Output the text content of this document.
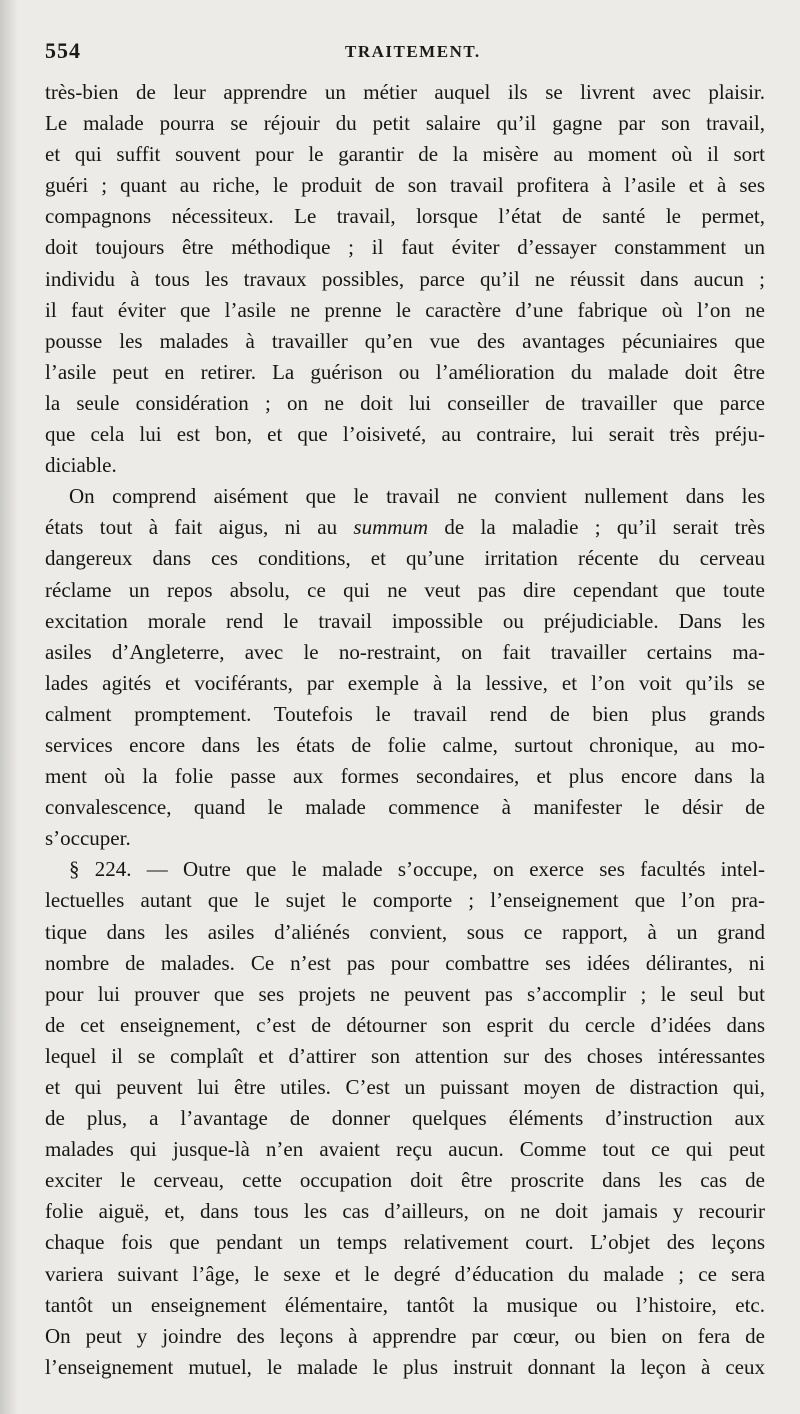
554	TRAITEMENT.

très-bien de leur apprendre un métier auquel ils se livrent avec plaisir.
Le malade pourra se réjouir du petit salaire qu’il gagne par son travail,
et qui suffit souvent pour le garantir de la misère au moment où il sort
guéri ; quant au riche, le produit de son travail profitera à l’asile et à ses
compagnons nécessiteux. Le travail, lorsque l’état de santé le permet,
doit toujours être méthodique ; il faut éviter d’essayer constamment un
individu à tous les travaux possibles, parce qu’il ne réussit dans aucun ;
il faut éviter que l’asile ne prenne le caractère d’une fabrique où l’on ne
pousse les malades à travailler qu’en vue des avantages pécuniaires que
l’asile peut en retirer. La guérison ou l’amélioration du malade doit être
la seule considération ; on ne doit lui conseiller de travailler que parce
que cela lui est bon, et que l’oisiveté, au contraire, lui serait très préju-
diciable.

On comprend aisément que le travail ne convient nullement dans les
états tout à fait aigus, ni au summum de la maladie ; qu’il serait très
dangereux dans ces conditions, et qu’une irritation récente du cerveau
réclame un repos absolu, ce qui ne veut pas dire cependant que toute
excitation morale rend le travail impossible ou préjudiciable. Dans les
asiles d’Angleterre, avec le no-restraint, on fait travailler certains ma-
lades agités et vociférants, par exemple à la lessive, et l’on voit qu’ils se
calment promptement. Toutefois le travail rend de bien plus grands
services encore dans les états de folie calme, surtout chronique, au mo-
ment où la folie passe aux formes secondaires, et plus encore dans la
convalescence, quand le malade commence à manifester le désir de
s’occuper.

§ 224. — Outre que le malade s’occupe, on exerce ses facultés intel-
lectuelles autant que le sujet le comporte ; l’enseignement que l’on pra-
tique dans les asiles d’aliénés convient, sous ce rapport, à un grand
nombre de malades. Ce n’est pas pour combattre ses idées délirantes, ni
pour lui prouver que ses projets ne peuvent pas s’accomplir ; le seul but
de cet enseignement, c’est de détourner son esprit du cercle d’idées dans
lequel il se complaît et d’attirer son attention sur des choses intéressantes
et qui peuvent lui être utiles. C’est un puissant moyen de distraction qui,
de plus, a l’avantage de donner quelques éléments d’instruction aux
malades qui jusque-là n’en avaient reçu aucun. Comme tout ce qui peut
exciter le cerveau, cette occupation doit être proscrite dans les cas de
folie aiguë, et, dans tous les cas d’ailleurs, on ne doit jamais y recourir
chaque fois que pendant un temps relativement court. L’objet des leçons
variera suivant l’âge, le sexe et le degré d’éducation du malade ; ce sera
tantôt un enseignement élémentaire, tantôt la musique ou l’histoire, etc.
On peut y joindre des leçons à apprendre par cœur, ou bien on fera de
l’enseignement mutuel, le malade le plus instruit donnant la leçon à ceux
